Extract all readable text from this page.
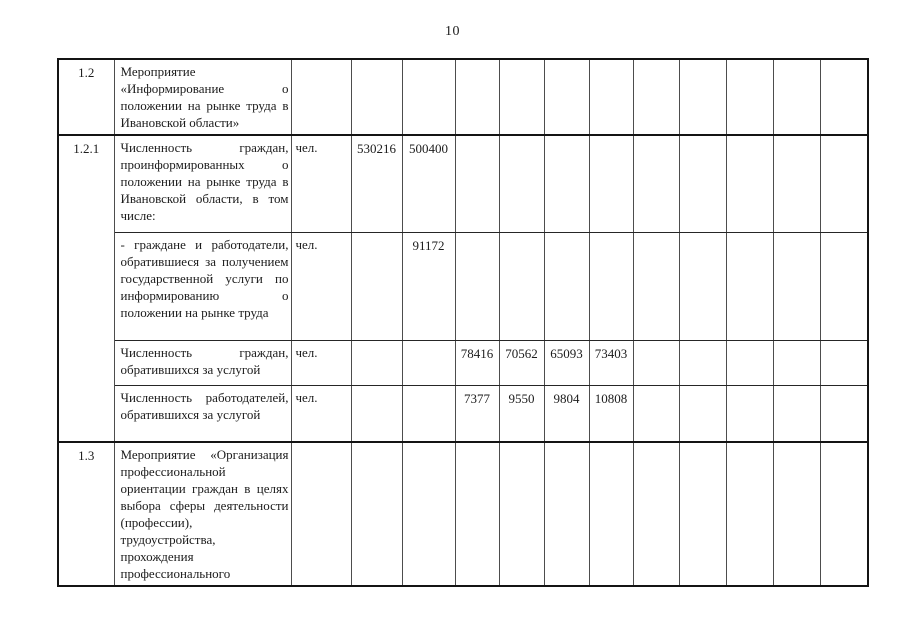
10
1.2	Мероприятие «Информирование о положении на рынке труда в Ивановской области»												
1.2.1	Численность граждан, проинформированных о положении на рынке труда в Ивановской области, в том числе:	чел.	530216	500400									
	- граждане и работодатели, обратившиеся за получением государственной услуги по информированию о положении на рынке труда	чел.		91172									
	Численность граждан, обратившихся за услугой	чел.			78416	70562	65093	73403					
	Численность работодателей, обратившихся за услугой	чел.			7377	9550	9804	10808					
1.3	Мероприятие «Организация профессиональной ориентации граждан в целях выбора сферы деятельности (профессии), трудоустройства, прохождения профессионального												
